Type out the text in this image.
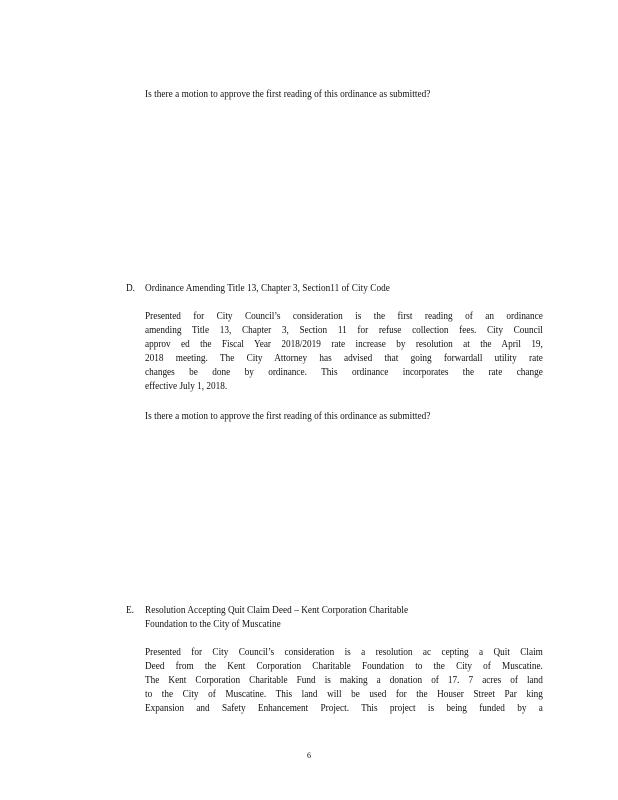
Is there a motion to approve the first reading of this ordinance as submitted?
D. Ordinance Amending Title 13, Chapter 3, Section11 of City Code
Presented for City Council’s consideration is the first reading of an ordinance
amending Title 13, Chapter 3, Section 11 for refuse collection fees. City Council
approv ed the Fiscal Year 2018/2019 rate increase by resolution at the April 19,
2018 meeting. The City Attorney has advised that going forwardall utility rate
changes be done by ordinance. This ordinance incorporates the rate change
effective July 1, 2018.
Is there a motion to approve the first reading of this ordinance as submitted?
E. Resolution Accepting Quit Claim Deed – Kent Corporation Charitable
Foundation to the City of Muscatine
Presented for City Council’s consideration is a resolution ac cepting a Quit Claim
Deed from the Kent Corporation Charitable Foundation to the City of Muscatine.
The Kent Corporation Charitable Fund is making a donation of 17. 7 acres of land
to the City of Muscatine. This land will be used for the Houser Street Par king
Expansion and Safety Enhancement Project. This project is being funded by a
6
